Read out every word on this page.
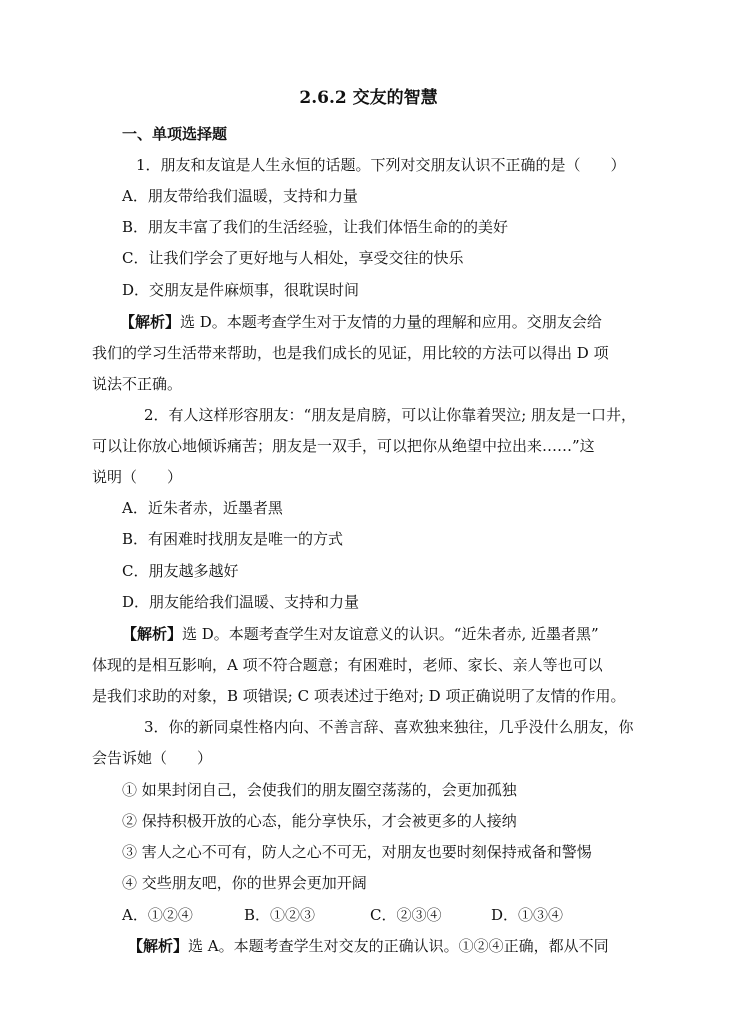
2.6.2 交友的智慧
一、单项选择题
1．朋友和友谊是人生永恒的话题。下列对交朋友认识不正确的是（　　）
A．朋友带给我们温暖，支持和力量
B．朋友丰富了我们的生活经验，让我们体悟生命的的美好
C．让我们学会了更好地与人相处，享受交往的快乐
D．交朋友是件麻烦事，很耽误时间
【解析】选 D。本题考查学生对于友情的力量的理解和应用。交朋友会给
我们的学习生活带来帮助，也是我们成长的见证，用比较的方法可以得出 D 项
说法不正确。
2．有人这样形容朋友：“朋友是肩膀，可以让你靠着哭泣; 朋友是一口井，
可以让你放心地倾诉痛苦；朋友是一双手，可以把你从绝望中拉出来……”这
说明（　　）
A．近朱者赤，近墨者黑
B．有困难时找朋友是唯一的方式
C．朋友越多越好
D．朋友能给我们温暖、支持和力量
【解析】选 D。本题考查学生对友谊意义的认识。“近朱者赤, 近墨者黑”
体现的是相互影响，A 项不符合题意；有困难时，老师、家长、亲人等也可以
是我们求助的对象，B 项错误; C 项表述过于绝对; D 项正确说明了友情的作用。
3．你的新同桌性格内向、不善言辞、喜欢独来独往，几乎没什么朋友，你
会告诉她（　　）
① 如果封闭自己，会使我们的朋友圈空荡荡的，会更加孤独
② 保持积极开放的心态，能分享快乐，才会被更多的人接纳
③ 害人之心不可有，防人之心不可无，对朋友也要时刻保持戒备和警惕
④ 交些朋友吧，你的世界会更加开阔
A．①②④	B．①②③	C．②③④	D．①③④
【解析】选 A。本题考查学生对交友的正确认识。①②④正确，都从不同
